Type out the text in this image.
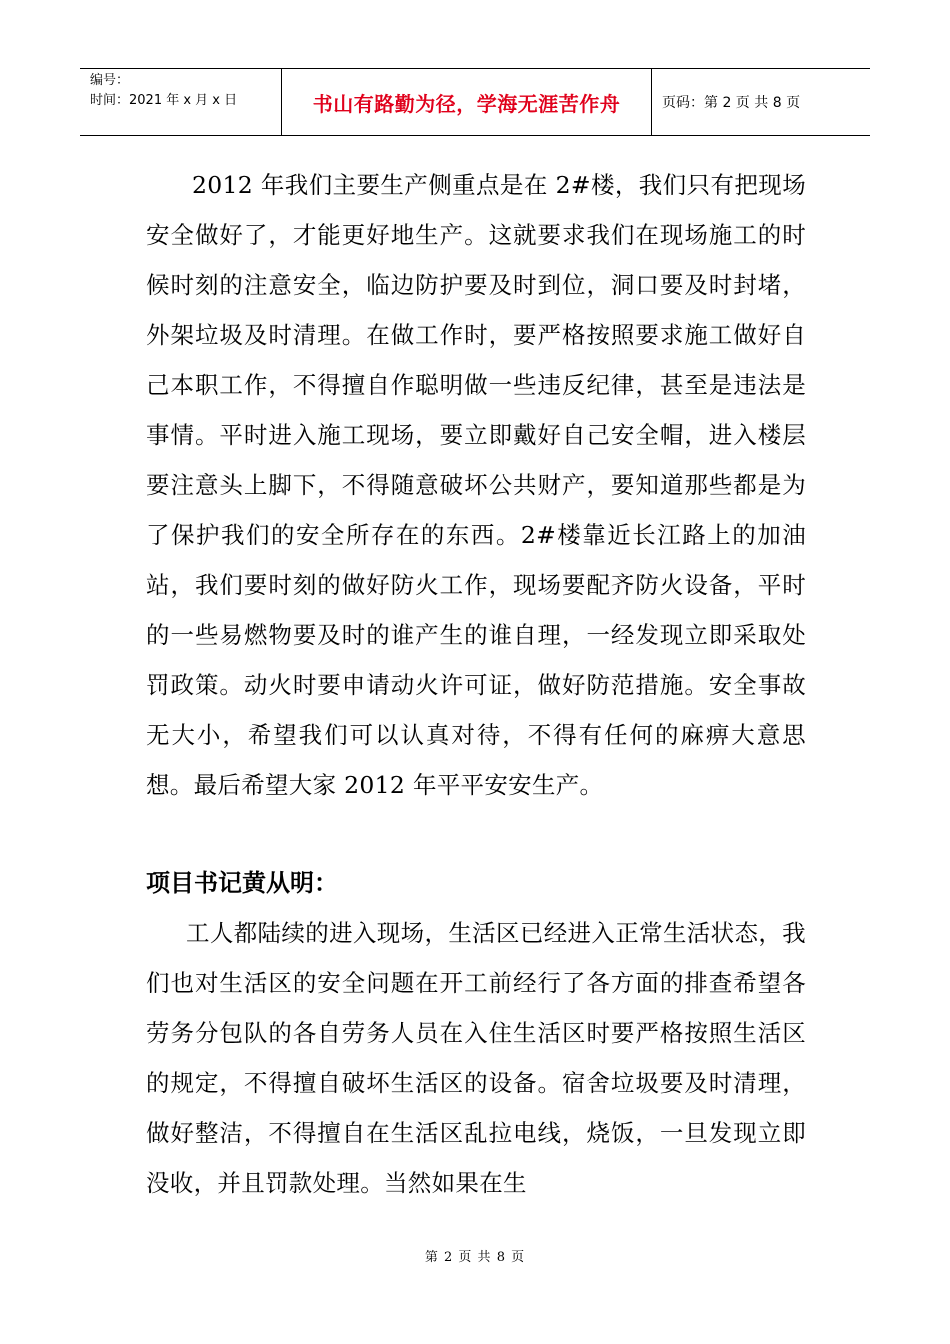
编号：
时间：2021 年 x 月 x 日	书山有路勤为径，学海无涯苦作舟	页码：第 2 页 共 8 页
2012 年我们主要生产侧重点是在 2#楼，我们只有把现场安全做好了，才能更好地生产。这就要求我们在现场施工的时候时刻的注意安全，临边防护要及时到位，洞口要及时封堵，外架垃圾及时清理。在做工作时，要严格按照要求施工做好自己本职工作，不得擅自作聪明做一些违反纪律，甚至是违法是事情。平时进入施工现场，要立即戴好自己安全帽，进入楼层要注意头上脚下，不得随意破坏公共财产，要知道那些都是为了保护我们的安全所存在的东西。2#楼靠近长江路上的加油站，我们要时刻的做好防火工作，现场要配齐防火设备，平时的一些易燃物要及时的谁产生的谁自理，一经发现立即采取处罚政策。动火时要申请动火许可证，做好防范措施。安全事故无大小，希望我们可以认真对待，不得有任何的麻痹大意思想。最后希望大家 2012 年平平安安生产。
项目书记黄从明：
工人都陆续的进入现场，生活区已经进入正常生活状态，我们也对生活区的安全问题在开工前经行了各方面的排查希望各劳务分包队的各自劳务人员在入住生活区时要严格按照生活区的规定，不得擅自破坏生活区的设备。宿舍垃圾要及时清理，做好整洁，不得擅自在生活区乱拉电线，烧饭，一旦发现立即没收，并且罚款处理。当然如果在生
第 2 页 共 8 页
